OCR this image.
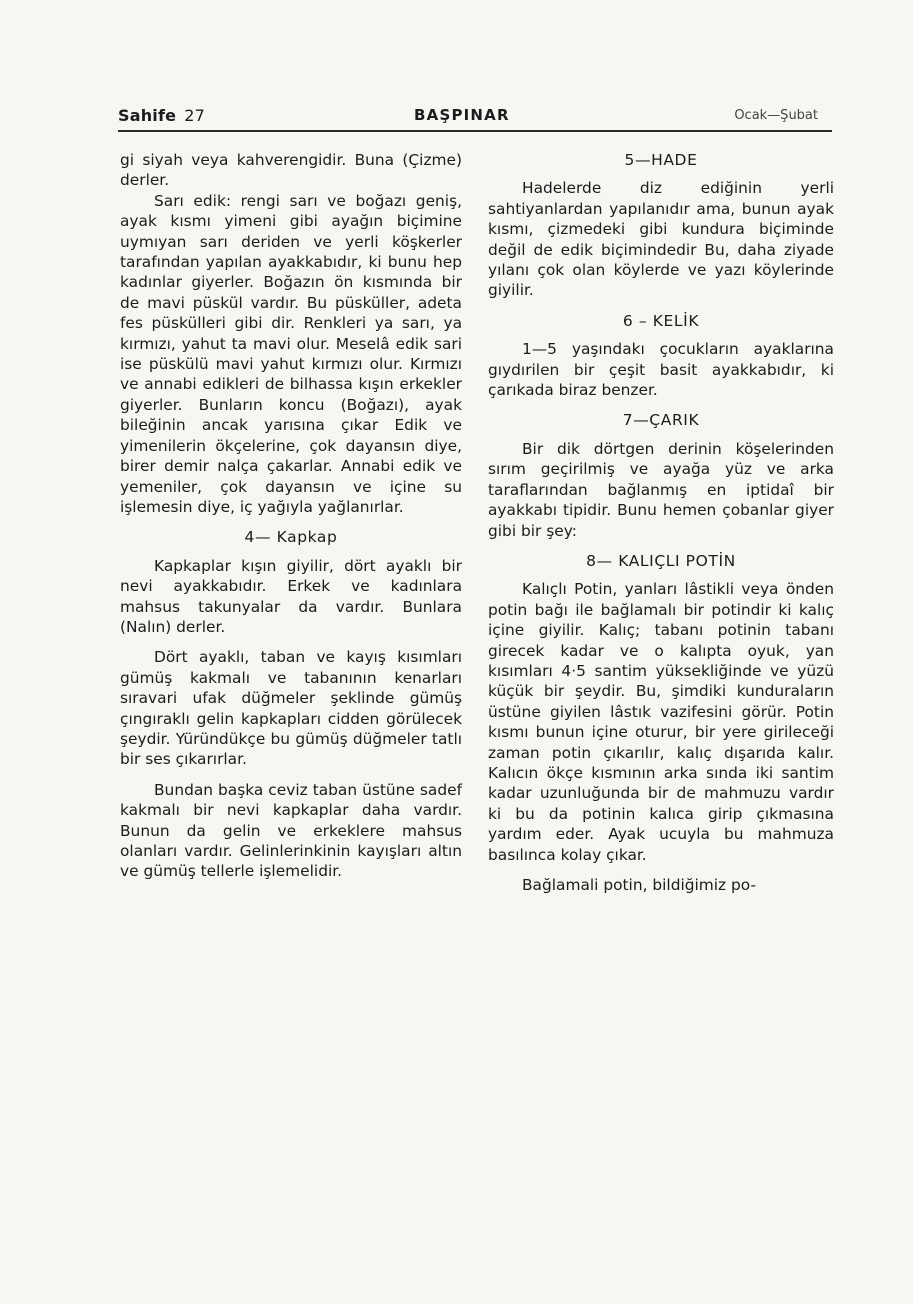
Sahife 27	BAŞPINAR	Ocak—Şubat

gi siyah veya kahverengidir. Buna (Çizme) derler.

Sarı edik: rengi sarı ve boğazı geniş, ayak kısmı yimeni gibi ayağın biçimine uymıyan sarı deriden ve yerli köşkerler tarafından yapılan ayakkabıdır, ki bunu hep kadınlar giyerler. Boğazın ön kısmında bir de mavi püskül vardır. Bu püsküller, adeta fes püskülleri gibi dir. Renkleri ya sarı, ya kırmızı, yahut ta mavi olur. Meselâ edik sari ise püskülü mavi yahut kırmızı olur. Kırmızı ve annabi edikleri de bilhassa kışın erkekler giyerler. Bunların koncu (Boğazı), ayak bileğinin ancak yarısına çıkar Edik ve yimenilerin ökçelerine, çok dayansın diye, birer demir nalça çakarlar. Annabi edik ve yemeniler, çok dayansın ve içine su işlemesin diye, iç yağıyla yağlanırlar.

4— Kapkap

Kapkaplar kışın giyilir, dört ayaklı bir nevi ayakkabıdır. Erkek ve kadınlara mahsus takunyalar da vardır. Bunlara (Nalın) derler.

Dört ayaklı, taban ve kayış kısımları gümüş kakmalı ve tabanının kenarları sıravari ufak düğmeler şeklinde gümüş çıngıraklı gelin kapkapları cidden görülecek şeydir. Yüründükçe bu gümüş düğmeler tatlı bir ses çıkarırlar.

Bundan başka ceviz taban üstüne sadef kakmalı bir nevi kapkaplar daha vardır. Bunun da gelin ve erkeklere mahsus olanları vardır. Gelinlerinkinin kayışları altın ve gümüş tellerle işlemelidir.

5—HADE

Hadelerde diz ediğinin yerli sahtiyanlardan yapılanıdır ama, bunun ayak kısmı, çizmedeki gibi kundura biçiminde değil de edik biçimindedir Bu, daha ziyade yılanı çok olan köylerde ve yazı köylerinde giyilir.

6 – KELİK

1—5 yaşındakı çocukların ayaklarına gıydırilen bir çeşit basit ayakkabıdır, ki çarıkada biraz benzer.

7—ÇARIK

Bir dik dörtgen derinin köşelerinden sırım geçirilmiş ve ayağa yüz ve arka taraflarından bağlanmış en iptidaî bir ayakkabı tipidir. Bunu hemen çobanlar giyer gibi bir şey:

8— KALIÇLI POTİN

Kalıçlı Potin, yanları lâstikli veya önden potin bağı ile bağlamalı bir potindir ki kalıç içine giyilir. Kalıç; tabanı potinin tabanı girecek kadar ve o kalıpta oyuk, yan kısımları 4·5 santim yüksekliğinde ve yüzü küçük bir şeydir. Bu, şimdiki kunduraların üstüne giyilen lâstık vazifesini görür. Potin kısmı bunun içine oturur, bir yere girileceği zaman potin çıkarılır, kalıç dışarıda kalır. Kalıcın ökçe kısmının arka sında iki santim kadar uzunluğunda bir de mahmuzu vardır ki bu da potinin kalıca girip çıkmasına yardım eder. Ayak ucuyla bu mahmuza basılınca kolay çıkar.

Bağlamali potin, bildiğimiz po-
